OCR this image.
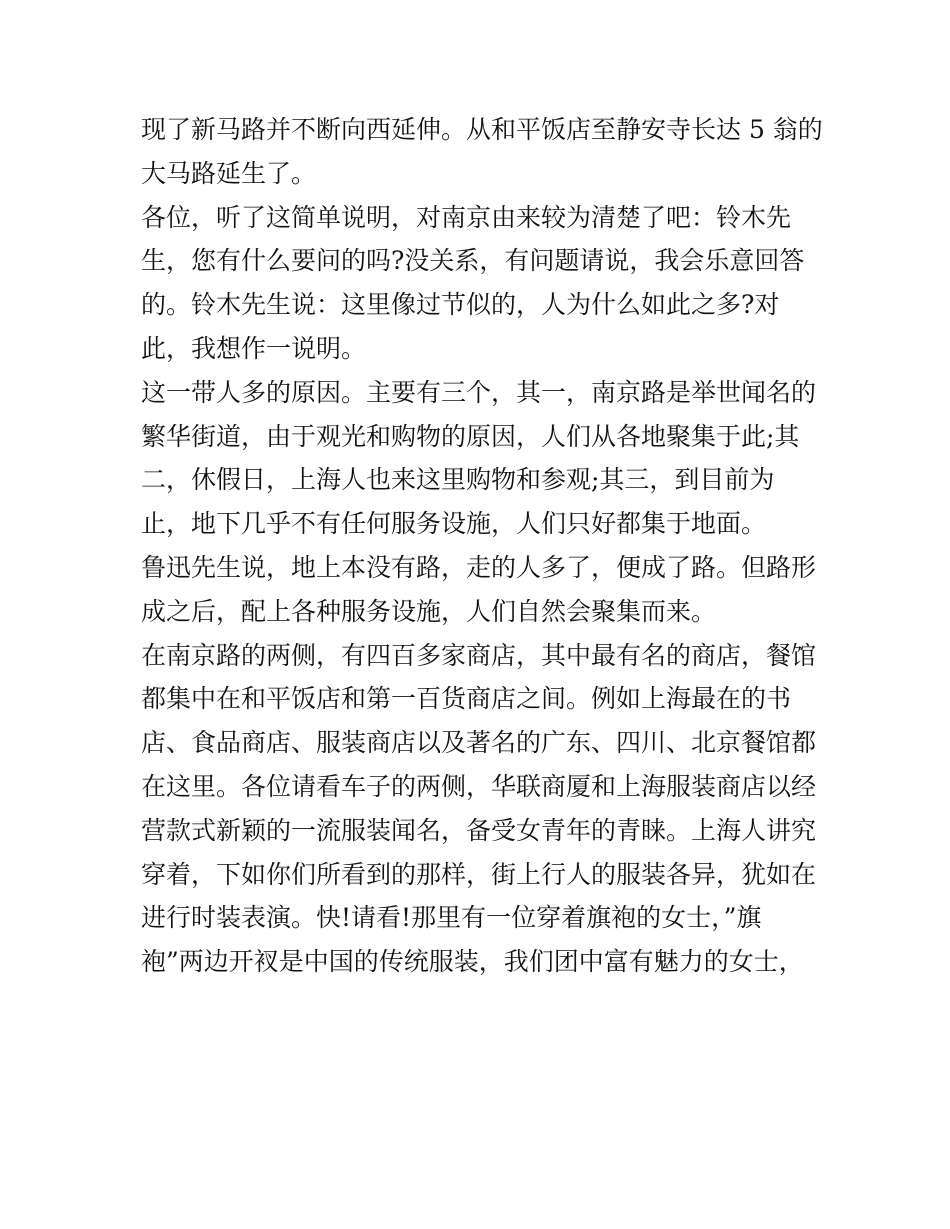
现了新马路并不断向西延伸。从和平饭店至静安寺长达 5 翁的
大马路延生了。
各位，听了这简单说明，对南京由来较为清楚了吧：铃木先
生，您有什么要问的吗?没关系，有问题请说，我会乐意回答
的。铃木先生说：这里像过节似的，人为什么如此之多?对
此，我想作一说明。
这一带人多的原因。主要有三个，其一，南京路是举世闻名的
繁华街道，由于观光和购物的原因，人们从各地聚集于此;其
二，休假日，上海人也来这里购物和参观;其三，到目前为
止，地下几乎不有任何服务设施，人们只好都集于地面。
鲁迅先生说，地上本没有路，走的人多了，便成了路。但路形
成之后，配上各种服务设施，人们自然会聚集而来。
在南京路的两侧，有四百多家商店，其中最有名的商店，餐馆
都集中在和平饭店和第一百货商店之间。例如上海最在的书
店、食品商店、服装商店以及著名的广东、四川、北京餐馆都
在这里。各位请看车子的两侧，华联商厦和上海服装商店以经
营款式新颖的一流服装闻名，备受女青年的青睐。上海人讲究
穿着，下如你们所看到的那样，街上行人的服装各异，犹如在
进行时装表演。快!请看!那里有一位穿着旗袍的女士，”旗
袍”两边开衩是中国的传统服装，我们团中富有魅力的女士，
